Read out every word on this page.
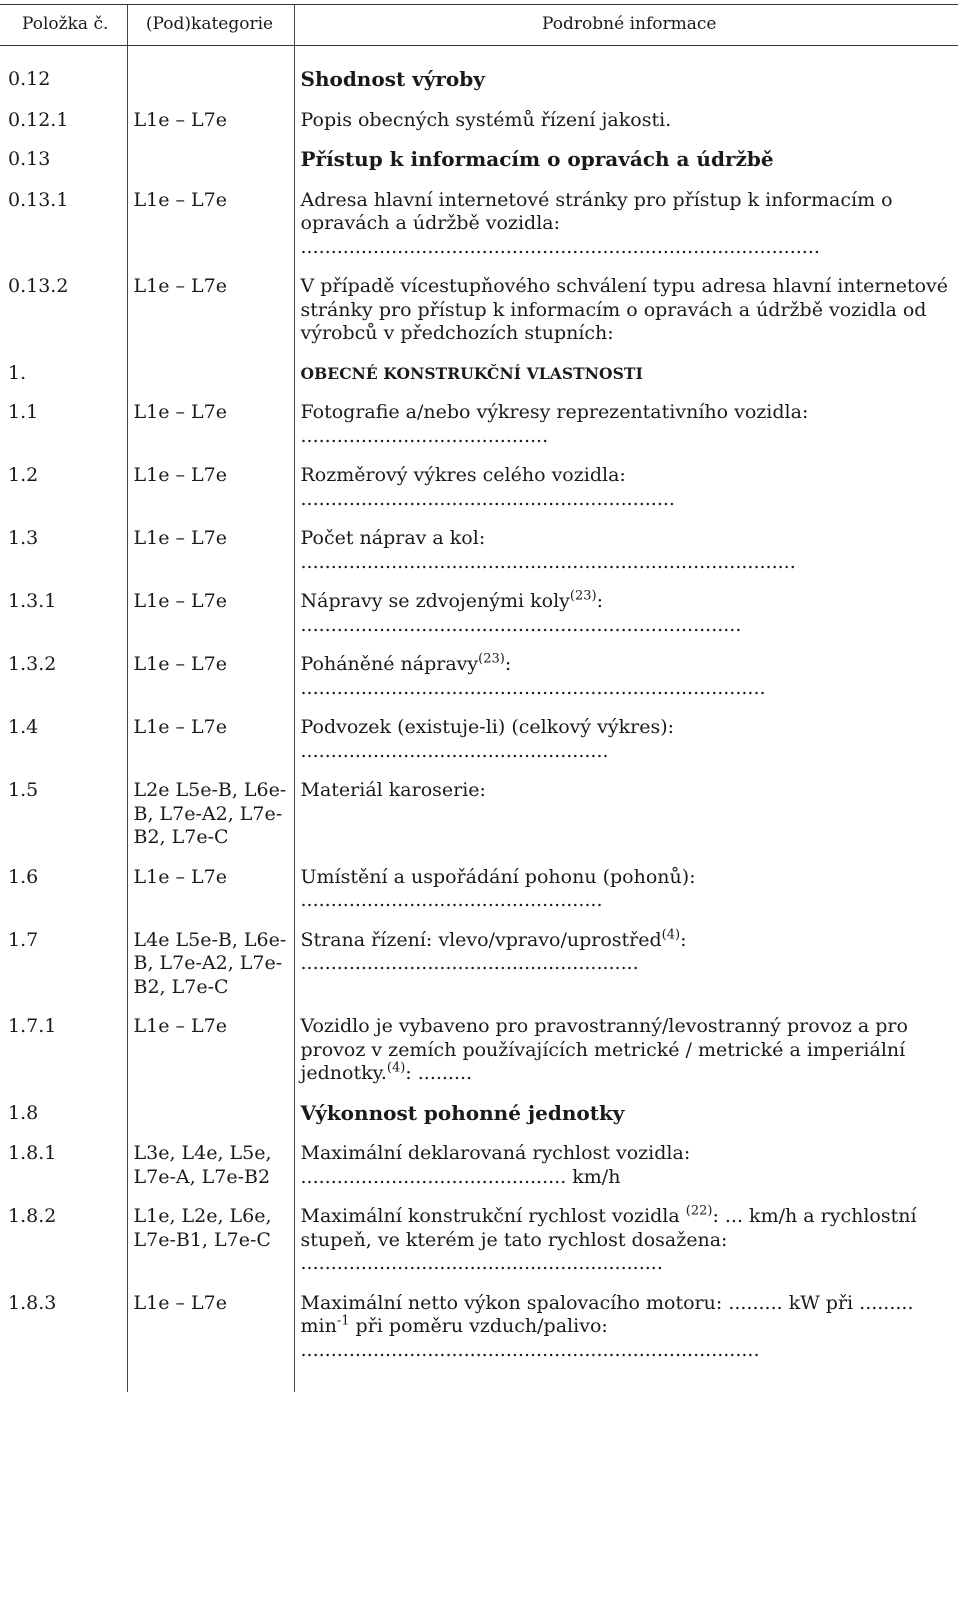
Položka č.	(Pod)kategorie	Podrobné informace
0.12		Shodnost výroby
0.12.1	L1e – L7e	Popis obecných systémů řízení jakosti.
0.13		Přístup k informacím o opravách a údržbě
0.13.1	L1e – L7e	Adresa hlavní internetové stránky pro přístup k informacím o opravách a údržbě vozidla: ......................................................................................
0.13.2	L1e – L7e	V případě vícestupňového schválení typu adresa hlavní internetové stránky pro přístup k informacím o opravách a údržbě vozidla od výrobců v předchozích stupních:
1.		OBECNÉ KONSTRUKČNÍ VLASTNOSTI
1.1	L1e – L7e	Fotografie a/nebo výkresy reprezentativního vozidla: .........................................
1.2	L1e – L7e	Rozměrový výkres celého vozidla: ..............................................................
1.3	L1e – L7e	Počet náprav a kol: ..................................................................................
1.3.1	L1e – L7e	Nápravy se zdvojenými koly$^{(23)}$: .........................................................................
1.3.2	L1e – L7e	Poháněné nápravy$^{(23)}$: .............................................................................
1.4	L1e – L7e	Podvozek (existuje-li) (celkový výkres): ...................................................
1.5	L2e L5e-B, L6e-B, L7e-A2, L7e-B2, L7e-C	Materiál karoserie:
1.6	L1e – L7e	Umístění a uspořádání pohonu (pohonů): ..................................................
1.7	L4e L5e-B, L6e-B, L7e-A2, L7e-B2, L7e-C	Strana řízení: vlevo/vpravo/uprostřed$^{(4)}$: ........................................................
1.7.1	L1e – L7e	Vozidlo je vybaveno pro pravostranný/levostranný provoz a pro provoz v zemích používajících metrické / metrické a imperiální jednotky.$^{(4)}$: .........
1.8		Výkonnost pohonné jednotky
1.8.1	L3e, L4e, L5e, L7e-A, L7e-B2	Maximální deklarovaná rychlost vozidla: ............................................ km/h
1.8.2	L1e, L2e, L6e, L7e-B1, L7e-C	Maximální konstrukční rychlost vozidla $^{(22)}$: ... km/h a rychlostní stupeň, ve kterém je tato rychlost dosažena: ............................................................
1.8.3	L1e – L7e	Maximální netto výkon spalovacího motoru: ......... kW při ......... $\min^{-1}$ při poměru vzduch/palivo: ............................................................................
